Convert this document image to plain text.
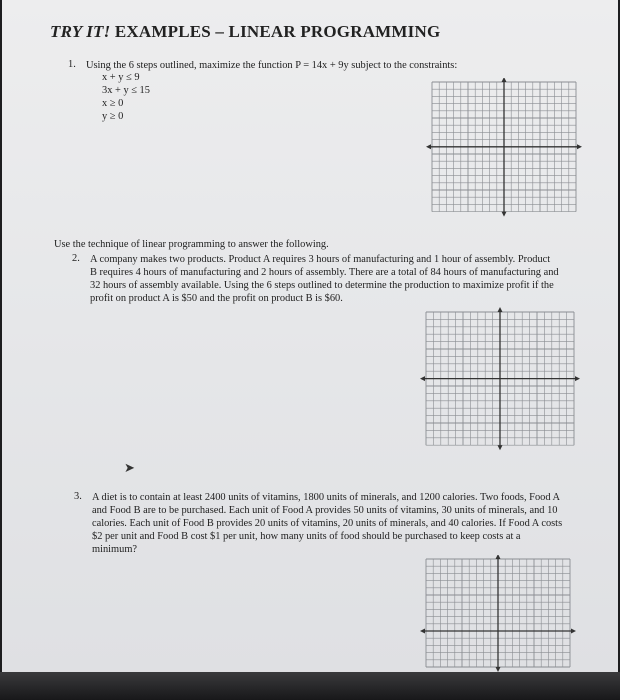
TRY IT! EXAMPLES – LINEAR PROGRAMMING
1. Using the 6 steps outlined, maximize the function P = 14x + 9y subject to the constraints:
x + y ≤ 9
3x + y ≤ 15
x ≥ 0
y ≥ 0
Use the technique of linear programming to answer the following.
2. A company makes two products. Product A requires 3 hours of manufacturing and 1 hour of assembly. Product
B requires 4 hours of manufacturing and 2 hours of assembly. There are a total of 84 hours of manufacturing and
32 hours of assembly available. Using the 6 steps outlined to determine the production to maximize profit if the
profit on product A is $50 and the profit on product B is $60.
➤
3. A diet is to contain at least 2400 units of vitamins, 1800 units of minerals, and 1200 calories. Two foods, Food A
and Food B are to be purchased. Each unit of Food A provides 50 units of vitamins, 30 units of minerals, and 10
calories. Each unit of Food B provides 20 units of vitamins, 20 units of minerals, and 40 calories. If Food A costs
$2 per unit and Food B cost $1 per unit, how many units of food should be purchased to keep costs at a
minimum?
